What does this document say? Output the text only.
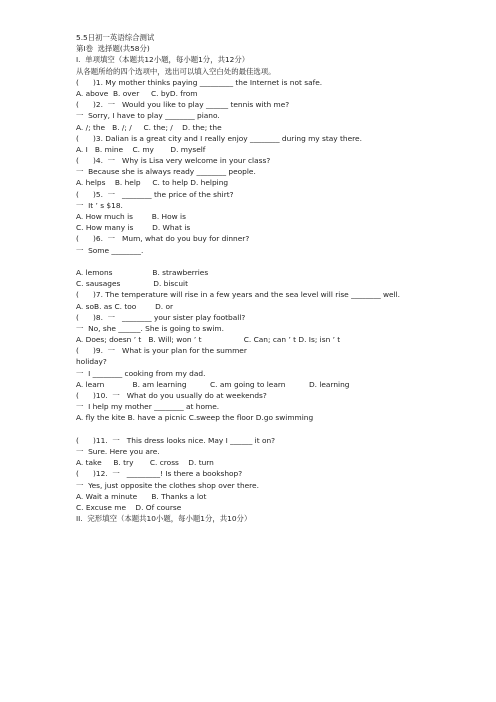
5.5日初一英语综合测试
第I卷  选择题(共58分)
I.  单项填空（本题共12小题，每小题1分，共12分）
从各题所给的四个选项中，选出可以填入空白处的最佳选项。
(      )1. My mother thinks paying _________ the Internet is not safe.
A. above  B. over     C. byD. from
(      )2.  一   Would you like to play ______ tennis with me?
一  Sorry, I have to play ________ piano.
A. /; the   B. /; /     C. the; /    D. the; the
(      )3. Dalian is a great city and I really enjoy ________ during my stay there.
A. I   B. mine    C. my       D. myself
(      )4.  一   Why is Lisa very welcome in your class?
一  Because she is always ready ________ people.
A. helps    B. help     C. to help D. helping
(      )5.  一   ________ the price of the shirt?
一  It ’ s $18.
A. How much is        B. How is
C. How many is        D. What is
(      )6.  一   Mum, what do you buy for dinner?
一  Some ________.
A. lemons                 B. strawberries
C. sausages              D. biscuit
(      )7. The temperature will rise in a few years and the sea level will rise ________ well.
A. soB. as C. too        D. or
(      )8.  一   ________ your sister play football?
一  No, she ______. She is going to swim.
A. Does; doesn ’ t   B. Will; won ’ t                  C. Can; can ’ t D. Is; isn ’ t
(      )9.  一   What is your plan for the summer
holiday?
一  I ________ cooking from my dad.
A. learn            B. am learning          C. am going to learn          D. learning
(      )10.  一   What do you usually do at weekends?
一  I help my mother ________ at home.
A. fly the kite B. have a picnic C.sweep the floor D.go swimming
(      )11.  一   This dress looks nice. May I ______ it on?
一  Sure. Here you are.
A. take     B. try       C. cross    D. turn
(      )12.  一   _________! Is there a bookshop?
一  Yes, just opposite the clothes shop over there.
A. Wait a minute      B. Thanks a lot
C. Excuse me    D. Of course
II.  完形填空（本题共10小题，每小题1分，共10分）
